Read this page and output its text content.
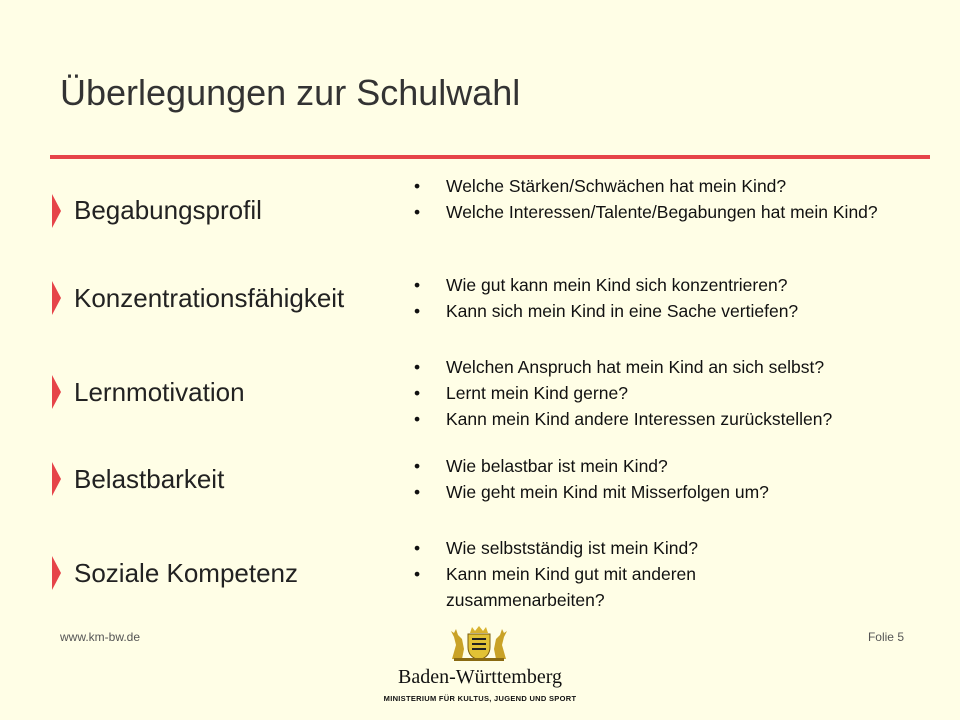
Überlegungen zur Schulwahl
Begabungsprofil
• Welche Stärken/Schwächen hat mein Kind?
• Welche Interessen/Talente/Begabungen hat mein Kind?
Konzentrationsfähigkeit	• Wie gut kann mein Kind sich konzentrieren?
• Kann sich mein Kind in eine Sache vertiefen?
Lernmotivation
• Welchen Anspruch hat mein Kind an sich selbst?
• Lernt mein Kind gerne?
• Kann mein Kind andere Interessen zurückstellen?
Belastbarkeit	• Wie belastbar ist mein Kind?
• Wie geht mein Kind mit Misserfolgen um?
Soziale Kompetenz
• Wie selbstständig ist mein Kind?
• Kann mein Kind gut mit anderen zusammenarbeiten?
www.km-bw.de	Folie 5
Baden-Württemberg
MINISTERIUM FÜR KULTUS, JUGEND UND SPORT
